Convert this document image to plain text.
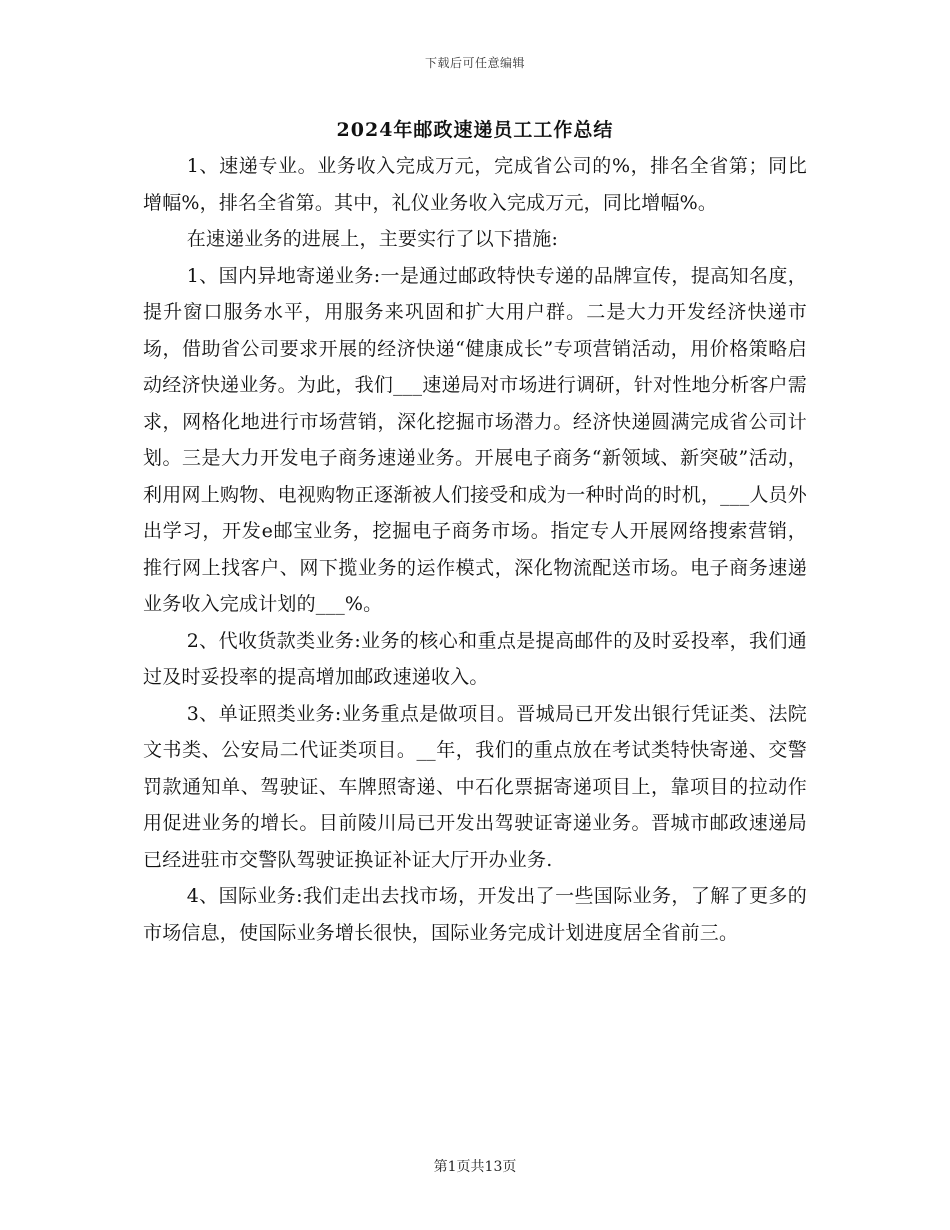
下载后可任意编辑
2024年邮政速递员工工作总结

1、速递专业。业务收入完成万元，完成省公司的%，排名全省第；同比增幅%，排名全省第。其中，礼仪业务收入完成万元，同比增幅%。

在速递业务的进展上，主要实行了以下措施:

1、国内异地寄递业务:一是通过邮政特快专递的品牌宣传，提高知名度，提升窗口服务水平，用服务来巩固和扩大用户群。二是大力开发经济快递市场，借助省公司要求开展的经济快递“健康成长”专项营销活动，用价格策略启动经济快递业务。为此，我们___速递局对市场进行调研，针对性地分析客户需求，网格化地进行市场营销，深化挖掘市场潜力。经济快递圆满完成省公司计划。三是大力开发电子商务速递业务。开展电子商务“新领域、新突破”活动，利用网上购物、电视购物正逐渐被人们接受和成为一种时尚的时机，___人员外出学习，开发e邮宝业务，挖掘电子商务市场。指定专人开展网络搜索营销，推行网上找客户、网下揽业务的运作模式，深化物流配送市场。电子商务速递业务收入完成计划的___%。

2、代收货款类业务:业务的核心和重点是提高邮件的及时妥投率，我们通过及时妥投率的提高增加邮政速递收入。

3、单证照类业务:业务重点是做项目。晋城局已开发出银行凭证类、法院文书类、公安局二代证类项目。__年，我们的重点放在考试类特快寄递、交警罚款通知单、驾驶证、车牌照寄递、中石化票据寄递项目上，靠项目的拉动作用促进业务的增长。目前陵川局已开发出驾驶证寄递业务。晋城市邮政速递局已经进驻市交警队驾驶证换证补证大厅开办业务.

4、国际业务:我们走出去找市场，开发出了一些国际业务，了解了更多的市场信息，使国际业务增长很快，国际业务完成计划进度居全省前三。

第1页共13页
